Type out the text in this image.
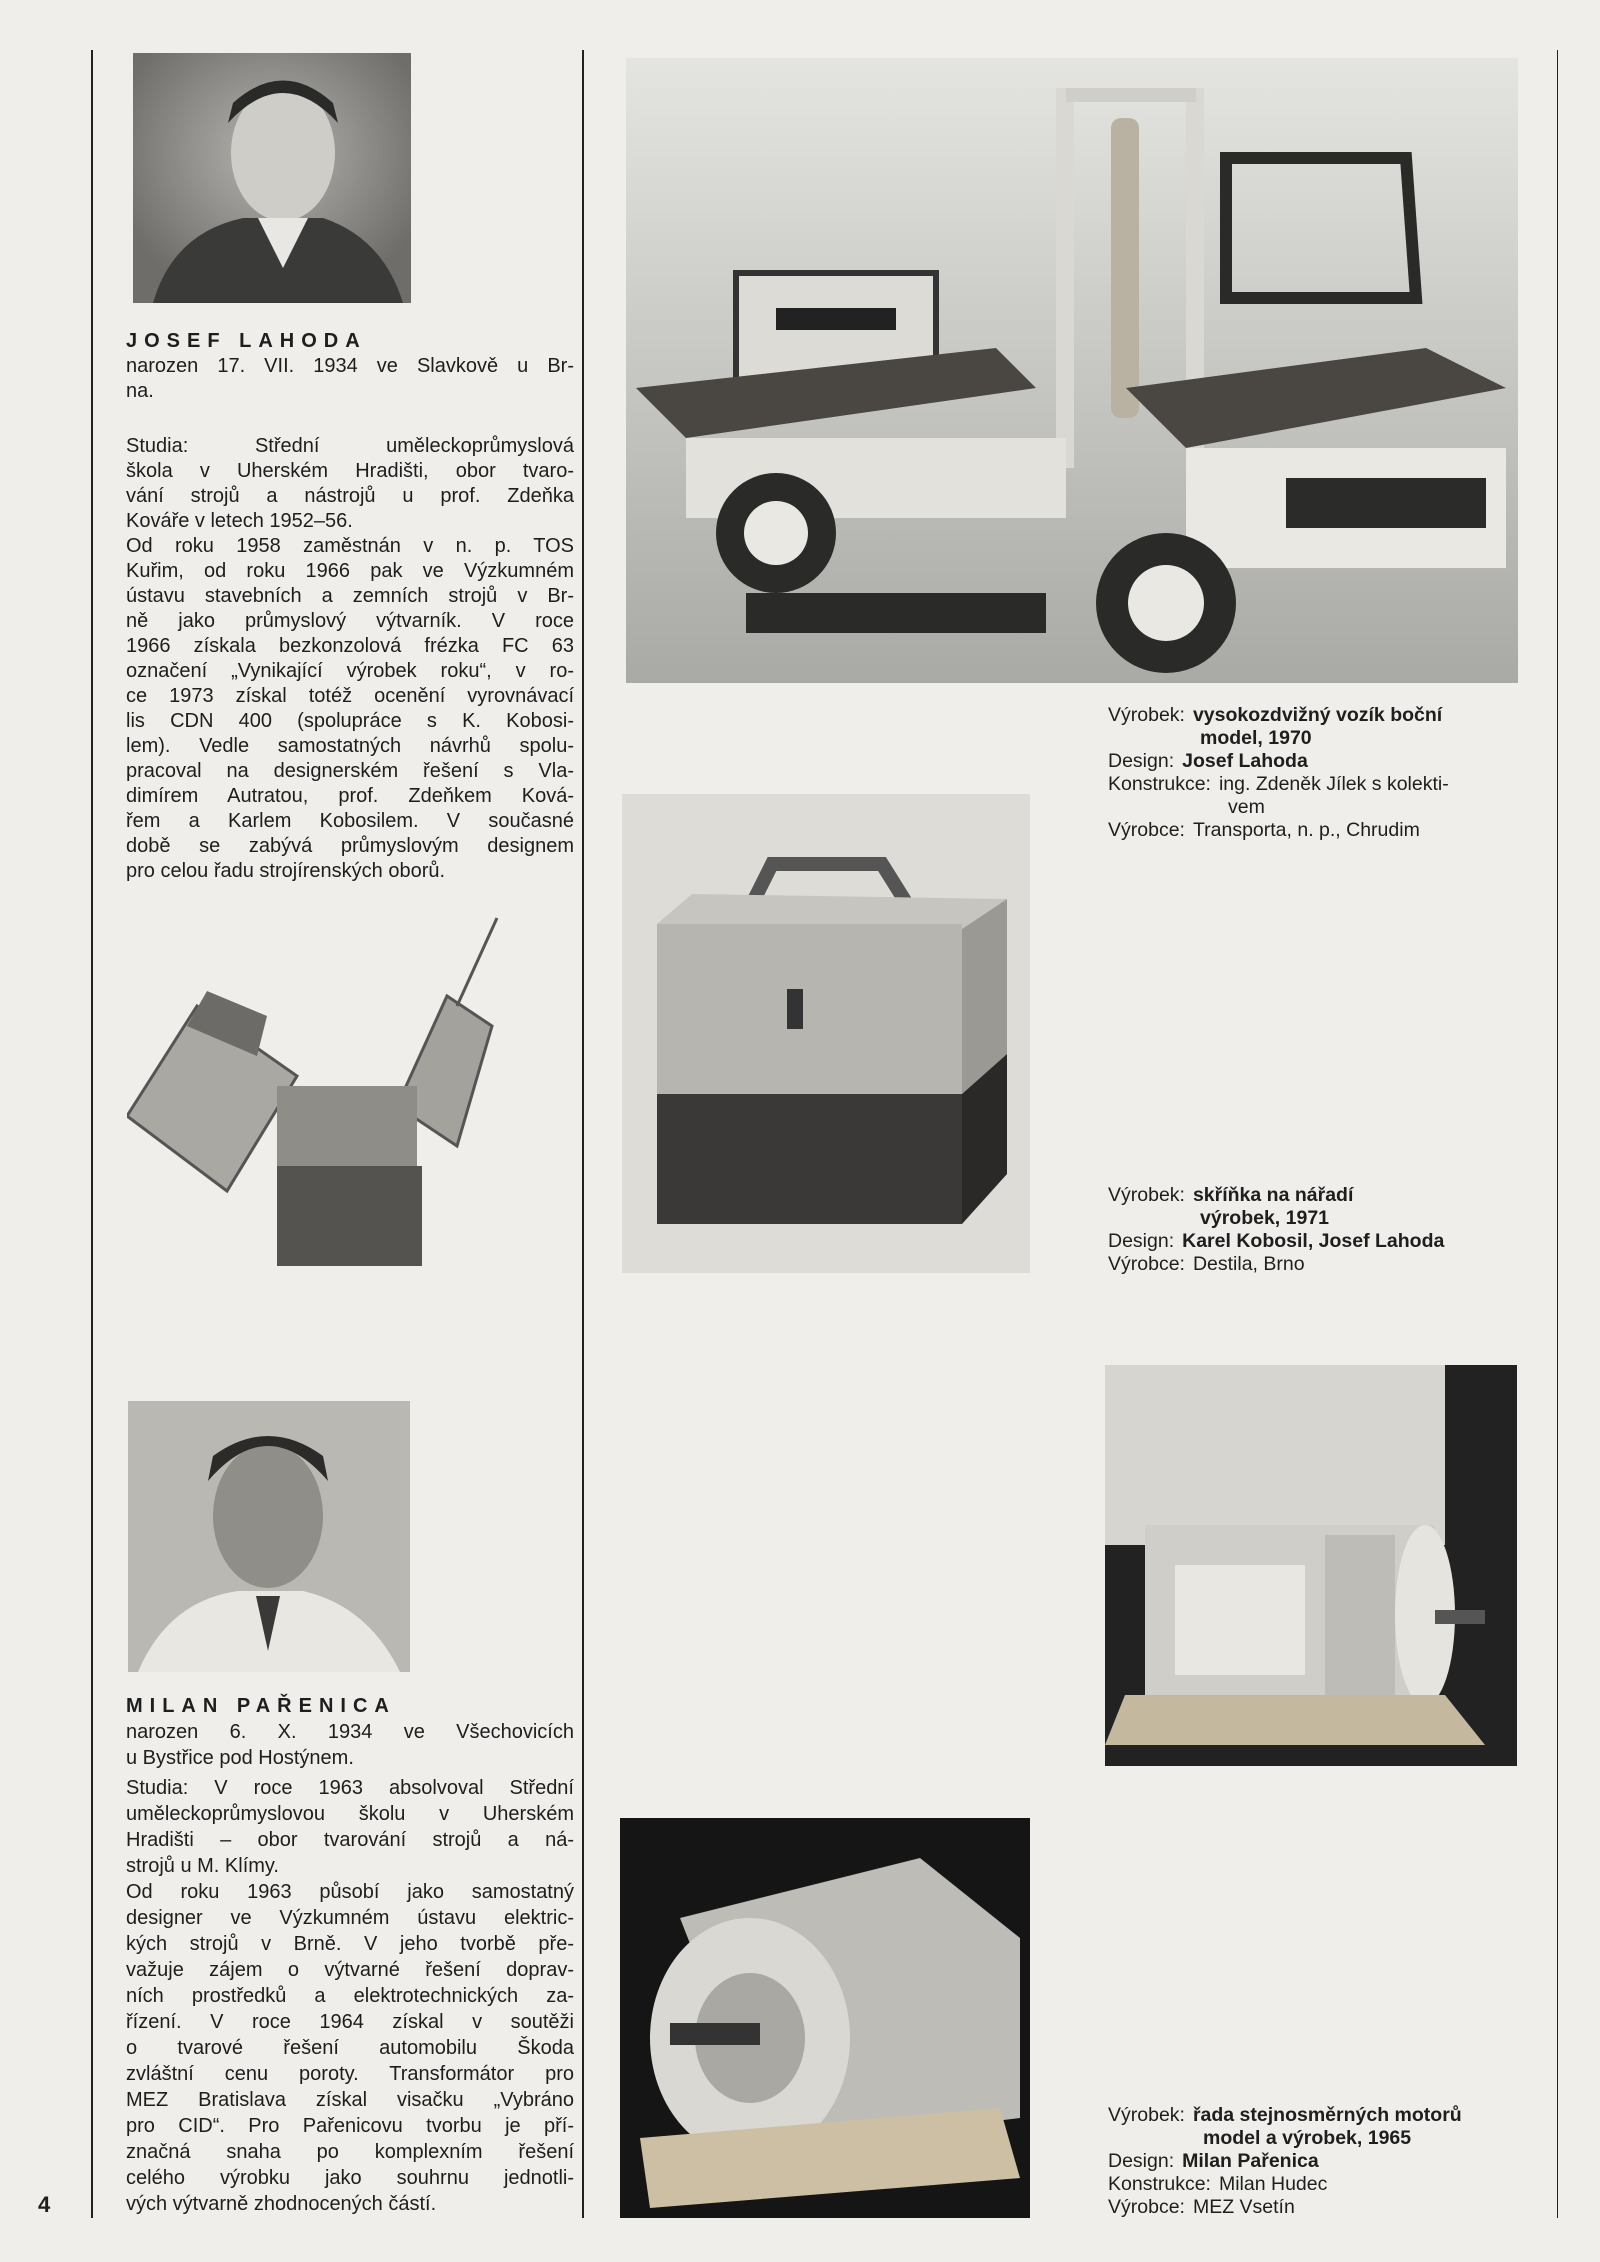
JOSEF LAHODA
narozen 17. VII. 1934 ve Slavkově u Br-
na.
Studia: Střední uměleckoprůmyslová
škola v Uherském Hradišti, obor tvaro-
vání strojů a nástrojů u prof. Zdeňka
Kováře v letech 1952–56.
Od roku 1958 zaměstnán v n. p. TOS
Kuřim, od roku 1966 pak ve Výzkumném
ústavu stavebních a zemních strojů v Br-
ně jako průmyslový výtvarník. V roce
1966 získala bezkonzolová frézka FC 63
označení „Vynikající výrobek roku“, v ro-
ce 1973 získal totéž ocenění vyrovnávací
lis CDN 400 (spolupráce s K. Kobosi-
lem). Vedle samostatných návrhů spolu-
pracoval na designerském řešení s Vla-
dimírem Autratou, prof. Zdeňkem Ková-
řem a Karlem Kobosilem. V současné
době se zabývá průmyslovým designem
pro celou řadu strojírenských oborů.
Výrobek: vysokozdvižný vozík boční
model, 1970
Design: Josef Lahoda
Konstrukce: ing. Zdeněk Jílek s kolekti-
vem
Výrobce: Transporta, n. p., Chrudim
Výrobek: skříňka na nářadí
výrobek, 1971
Design: Karel Kobosil, Josef Lahoda
Výrobce: Destila, Brno
MILAN PAŘENICA
narozen 6. X. 1934 ve Všechovicích
u Bystřice pod Hostýnem.
Studia: V roce 1963 absolvoval Střední
uměleckoprůmyslovou školu v Uherském
Hradišti – obor tvarování strojů a ná-
strojů u M. Klímy.
Od roku 1963 působí jako samostatný
designer ve Výzkumném ústavu elektric-
kých strojů v Brně. V jeho tvorbě pře-
važuje zájem o výtvarné řešení doprav-
ních prostředků a elektrotechnických za-
řízení. V roce 1964 získal v soutěži
o tvarové řešení automobilu Škoda
zvláštní cenu poroty. Transformátor pro
MEZ Bratislava získal visačku „Vybráno
pro CID“. Pro Pařenicovu tvorbu je pří-
značná snaha po komplexním řešení
celého výrobku jako souhrnu jednotli-
vých výtvarně zhodnocených částí.
Výrobek: řada stejnosměrných motorů
model a výrobek, 1965
Design: Milan Pařenica
Konstrukce: Milan Hudec
Výrobce: MEZ Vsetín
4
